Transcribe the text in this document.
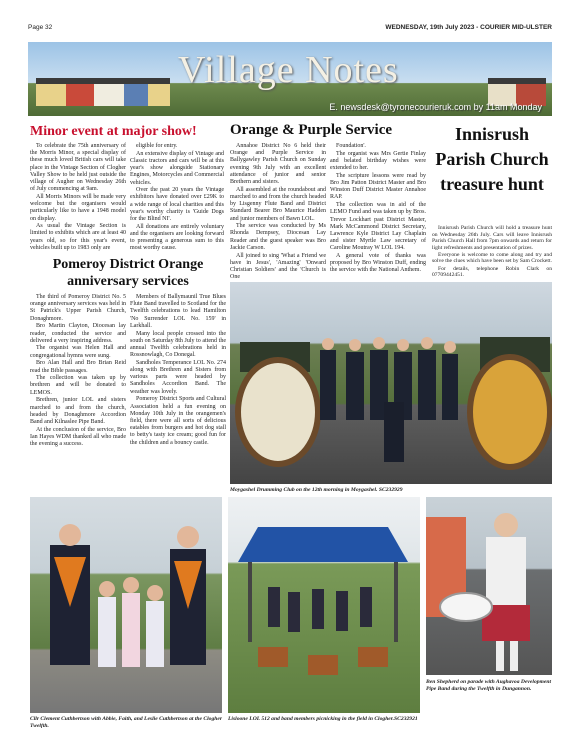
Page 32	WEDNESDAY, 19th July 2023 - COURIER MID-ULSTER
Village Notes
E. newsdesk@tyronecourieruk.com by 11am Monday
Minor event at major show!

To celebrate the 75th anniversary of the Morris Minor, a special display of these much loved British cars will take place in the Vintage Section of Clogher Valley Show to be held just outside the village of Augher on Wednesday 26th of July commencing at 9am.

All Morris Minors will be made very welcome but the organisers would particularly like to have a 1948 model on display.

As usual the Vintage Section is limited to exhibits which are at least 40 years old, so for this year's event, vehicles built up to 1983 only are

eligible for entry.

An extensive display of Vintage and Classic tractors and cars will be at this year's show alongside Stationary Engines, Motorcycles and Commercial vehicles.

Over the past 20 years the Vintage exhibitors have donated over £29K to a wide range of local charities and this year's worthy charity is 'Guide Dogs for the Blind NI'.

All donations are entirely voluntary and the organisers are looking forward to presenting a generous sum to this most worthy cause.

Orange & Purple Service

Annahoe District No 6 held their Orange and Purple Service in Ballygawley Parish Church on Sunday evening 9th July with an excellent attendance of junior and senior Brethern and sisters.

All assembled at the roundabout and marched to and from the church headed by Lisgenny Flute Band and District Standard Bearer Bro Maurice Hadden and junior members of Bawn LOL.

The service was conducted by Ms Rhonda Dempsey, Diocesan Lay Reader and the guest speaker was Bro Jackie Carson.

All joined to sing 'What a Friend we have in Jesus', 'Amazing' 'Onward Christian Soldiers' and the 'Church is One

Foundation'.

The organist was Mrs Gertie Finlay and belated birthday wishes were extended to her.

The scripture lessons were read by Bro Jim Patton District Master and Bro Winston Duff District Master Annahoe RAP.

The collection was in aid of the LEMO Fund and was taken up by Bros. Trevor Lockhart past District Master, Mark McCammond District Secretary, Lawrence Kyle District Lay Chaplain and sister Myrtle Law secretary of Caroline Moutray W LOL 194.

A general vote of thanks was proposed by Bro Winston Duff, ending the service with the National Anthem.

Innisrush Parish Church treasure hunt

Innisrush Parish Church will hold a treasure hunt on Wednesday 26th July. Cars will leave Innisrush Parish Church Hall from 7pm onwards and return for light refreshments and presentation of prizes.

Everyone is welcome to come along and try and solve the clues which have been set by Sam Crockett.

For details, telephone Robin Clark on 07709442451.

Pomeroy District Orange anniversary services

The third of Pomeroy District No. 5 orange anniversary services was held in St Patrick's Upper Parish Church, Donaghmore.

Bro Martin Clayton, Diocesan lay reader, conducted the service and delivered a very inspiring address.

The organist was Helen Hall and congregational hymns were sung.

Bro Alan Hall and Bro Brian Reid read the Bible passages.

The collection was taken up by brethren and will be donated to LEMOS.

Brethren, junior LOL and sisters marched to and from the church, headed by Donaghmore Accordion Band and Kilnaslee Pipe Band.

At the conclusion of the service, Bro Ian Hayes WDM thanked all who made the evening a success.

Members of Ballymaunil True Blues Flute Band travelled to Scotland for the Twelfth celebrations to lead Hamilton 'No Surrender LOL No. 159' in Larkhall.

Many local people crossed into the south on Saturday 8th July to attend the annual Twelfth celebrations held in Rossnowlagh, Co Donegal.

Sandholes Temperance LOL No. 274 along with Brethren and Sisters from various parts were headed by Sandholes Accordion Band. The weather was lovely.

Pomeroy District Sports and Cultural Association held a fun evening on Monday 10th July in the orangemen's field, there were all sorts of delicious eatables from burgers and hot dog stall to betty's tasty ice cream; good fun for the children and a bouncy castle.

Moygashel Drumming Club on the 12th morning in Moygashel. SC232929
Cllr Clement Cuthbertson with Abbie, Faith, and Leslie Cuthbertson at the Clogher Twelfth.
Lisloone LOL 512 and band members picnicking in the field in Clogher.SC232921
Ben Shepherd on parade with Aughavoa Development Pipe Band during the Twelfth in Dungannon.
